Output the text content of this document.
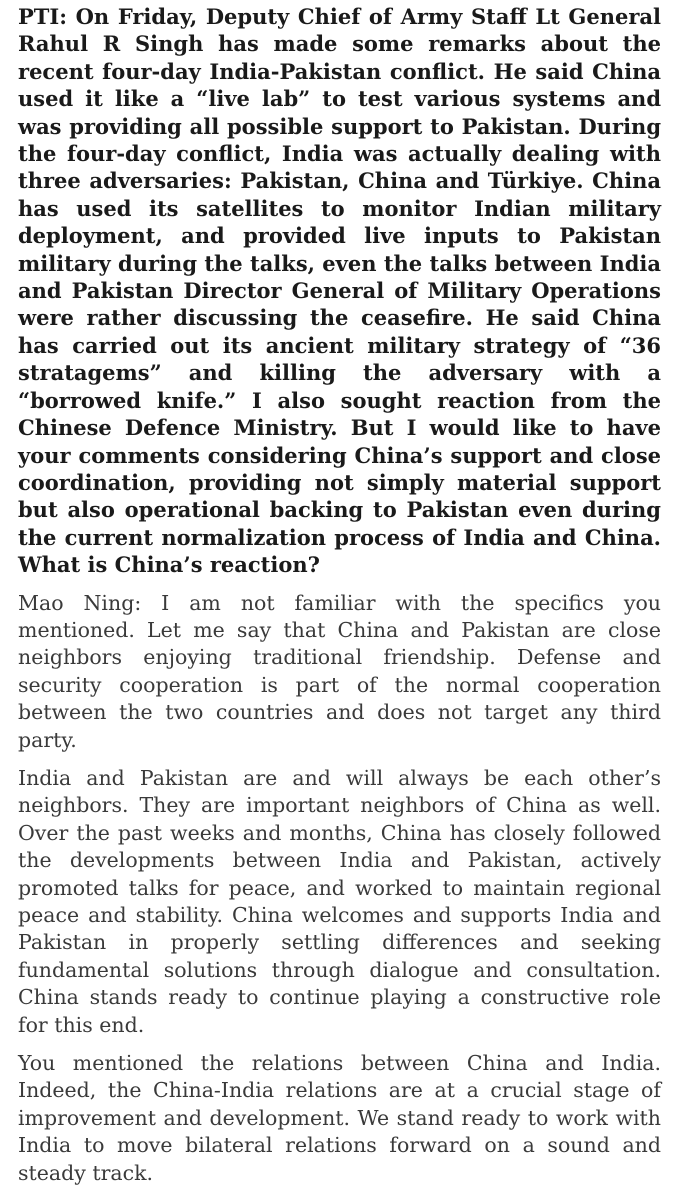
PTI: On Friday, Deputy Chief of Army Staff Lt General Rahul R Singh has made some remarks about the recent four-day India-Pakistan conflict. He said China used it like a “live lab” to test various systems and was providing all possible support to Pakistan. During the four-day conflict, India was actually dealing with three adversaries: Pakistan, China and Türkiye. China has used its satellites to monitor Indian military deployment, and provided live inputs to Pakistan military during the talks, even the talks between India and Pakistan Director General of Military Operations were rather discussing the ceasefire. He said China has carried out its ancient military strategy of “36 stratagems” and killing the adversary with a “borrowed knife.” I also sought reaction from the Chinese Defence Ministry. But I would like to have your comments considering China’s support and close coordination, providing not simply material support but also operational backing to Pakistan even during the current normalization process of India and China. What is China’s reaction?

Mao Ning: I am not familiar with the specifics you mentioned. Let me say that China and Pakistan are close neighbors enjoying traditional friendship. Defense and security cooperation is part of the normal cooperation between the two countries and does not target any third party.

India and Pakistan are and will always be each other’s neighbors. They are important neighbors of China as well. Over the past weeks and months, China has closely followed the developments between India and Pakistan, actively promoted talks for peace, and worked to maintain regional peace and stability. China welcomes and supports India and Pakistan in properly settling differences and seeking fundamental solutions through dialogue and consultation. China stands ready to continue playing a constructive role for this end.

You mentioned the relations between China and India. Indeed, the China-India relations are at a crucial stage of improvement and development. We stand ready to work with India to move bilateral relations forward on a sound and steady track.
